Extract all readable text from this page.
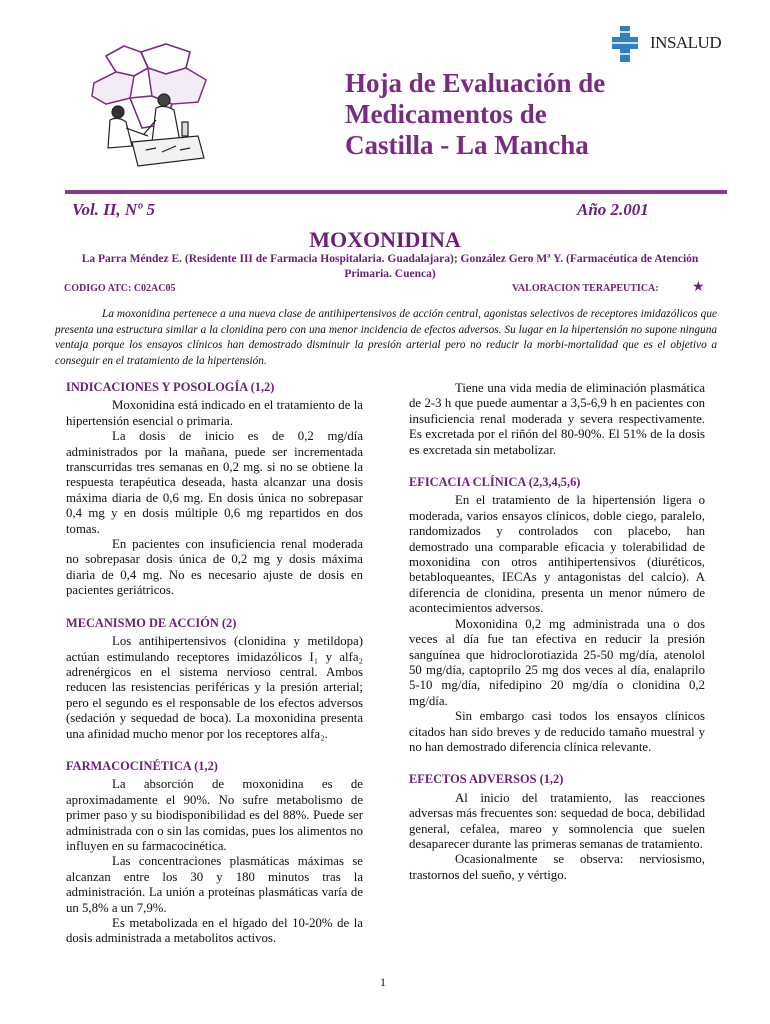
INSALUD
Hoja de Evaluación de
Medicamentos de
Castilla - La Mancha
Vol. II, Nº 5	Año 2.001
MOXONIDINA
La Parra Méndez E. (Residente III de Farmacia Hospitalaria. Guadalajara); González Gero Mª Y. (Farmacéutica de Atención Primaria. Cuenca)
CODIGO ATC: C02AC05	VALORACION TERAPEUTICA: ★

La moxonidina pertenece a una nueva clase de antihipertensivos de acción central, agonistas selectivos de receptores imidazólicos que presenta una estructura similar a la clonidina pero con una menor incidencia de efectos adversos. Su lugar en la hipertensión no supone ninguna ventaja porque los ensayos clínicos han demostrado disminuir la presión arterial pero no reducir la morbi-mortalidad que es el objetivo a conseguir en el tratamiento de la hipertensión.

INDICACIONES Y POSOLOGÍA (1,2)

Moxonidina está indicado en el tratamiento de la hipertensión esencial o primaria.

La dosis de inicio es de 0,2 mg/día administrados por la mañana, puede ser incrementada transcurridas tres semanas en 0,2 mg. si no se obtiene la respuesta terapéutica deseada, hasta alcanzar una dosis máxima diaria de 0,6 mg. En dosis única no sobrepasar 0,4 mg y en dosis múltiple 0,6 mg repartidos en dos tomas.

En pacientes con insuficiencia renal moderada no sobrepasar dosis única de 0,2 mg y dosis máxima diaria de 0,4 mg. No es necesario ajuste de dosis en pacientes geriátricos.

MECANISMO DE ACCIÓN (2)

Los antihipertensivos (clonidina y metildopa) actúan estimulando receptores imidazólicos I₁ y alfa₂ adrenérgicos en el sistema nervioso central. Ambos reducen las resistencias periféricas y la presión arterial; pero el segundo es el responsable de los efectos adversos (sedación y sequedad de boca). La moxonidina presenta una afinidad mucho menor por los receptores alfa₂.

FARMACOCINÉTICA (1,2)

La absorción de moxonidina es de aproximadamente el 90%. No sufre metabolismo de primer paso y su biodisponibilidad es del 88%. Puede ser administrada con o sin las comidas, pues los alimentos no influyen en su farmacocinética.

Las concentraciones plasmáticas máximas se alcanzan entre los 30 y 180 minutos tras la administración. La unión a proteínas plasmáticas varía de un 5,8% a un 7,9%.

Es metabolizada en el hígado del 10-20% de la dosis administrada a metabolitos activos.

Tiene una vida media de eliminación plasmática de 2-3 h que puede aumentar a 3,5-6,9 h en pacientes con insuficiencia renal moderada y severa respectivamente. Es excretada por el riñón del 80-90%. El 51% de la dosis es excretada sin metabolizar.

EFICACIA CLÍNICA (2,3,4,5,6)

En el tratamiento de la hipertensión ligera o moderada, varios ensayos clínicos, doble ciego, paralelo, randomizados y controlados con placebo, han demostrado una comparable eficacia y tolerabilidad de moxonidina con otros antihipertensivos (diuréticos, betabloqueantes, IECAs y antagonistas del calcio). A diferencia de clonidina, presenta un menor número de acontecimientos adversos.

Moxonidina 0,2 mg administrada una o dos veces al día fue tan efectiva en reducir la presión sanguínea que hidroclorotiazida 25-50 mg/día, atenolol 50 mg/día, captoprilo 25 mg dos veces al día, enalaprilo 5-10 mg/día, nifedipino 20 mg/día o clonidina 0,2 mg/día.

Sin embargo casi todos los ensayos clínicos citados han sido breves y de reducido tamaño muestral y no han demostrado diferencia clínica relevante.

EFECTOS ADVERSOS (1,2)

Al inicio del tratamiento, las reacciones adversas más frecuentes son: sequedad de boca, debilidad general, cefalea, mareo y somnolencia que suelen desaparecer durante las primeras semanas de tratamiento.

Ocasionalmente se observa: nerviosismo, trastornos del sueño, y vértigo.

1
